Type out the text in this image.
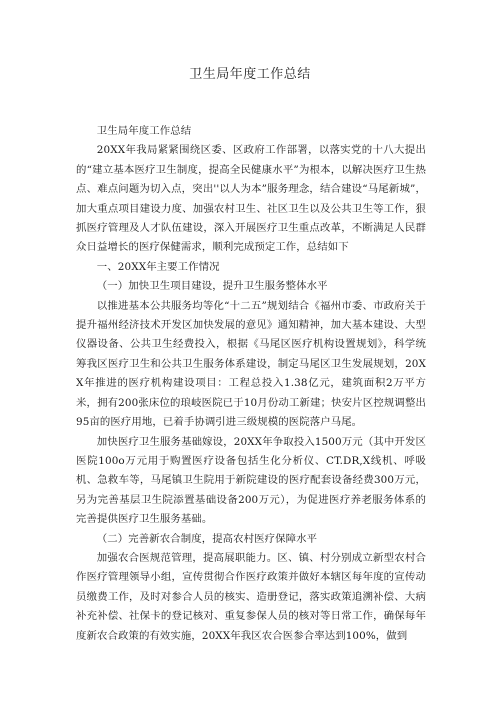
卫生局年度工作总结

卫生局年度工作总结

20XX年我局紧紧围绕区委、区政府工作部署，以落实党的十八大提出的“建立基本医疗卫生制度，提高全民健康水平”为根本，以解决医疗卫生热点、难点问题为切入点，突出''以人为本”服务理念，结合建设“马尾新城”，加大重点项目建设力度、加强农村卫生、社区卫生以及公共卫生等工作，狠抓医疗管理及人才队伍建设，深入开展医疗卫生重点改革，不断满足人民群众日益增长的医疗保健需求，顺利完成预定工作，总结如下

一、20XX年主要工作情况

（一）加快卫生项目建设，提升卫生服务整体水平

以推进基本公共服务均等化“十二五”规划结合《福州市委、市政府关于提升福州经济技术开发区加快发展的意见》通知精神，加大基本建设、大型仪器设备、公共卫生经费投入，根据《马尾区医疗机构设置规划》，科学统筹我区医疗卫生和公共卫生服务体系建设，制定马尾区卫生发展规划，20XX年推进的医疗机构建设项目：工程总投入1.38亿元，建筑面积2万平方米，拥有200张床位的琅岐医院已于10月份动工新建；快安片区控规调整出95亩的医疗用地，已着手协调引进三级规模的医院落户马尾。

加快医疗卫生服务基础嫁设，20XX年争取投入1500万元（其中开发区医院100o万元用于购置医疗设备包括生化分析仪、CT.DR,X线机、呼吸机、急救车等，马尾镇卫生院用于新院建设的医疗配套设备经费300万元，另为完善基层卫生院添置基础设备200万元），为促进医疗养老服务体系的完善提供医疗卫生服务基础。

（二）完善新农合制度，提高农村医疗保障水平

加强农合医规范管理，提高展职能力。区、镇、村分别成立新型农村合作医疗管理领导小组，宣传贯彻合作医疗政策并做好本辖区每年度的宣传动员缴费工作，及时对参合人员的核实、造册登记，落实政策追溯补偿、大病补充补偿、社保卡的登记核对、重复参保人员的核对等日常工作，确保每年度新农合政策的有效实施，20XX年我区农合医参合率达到100%，做到
